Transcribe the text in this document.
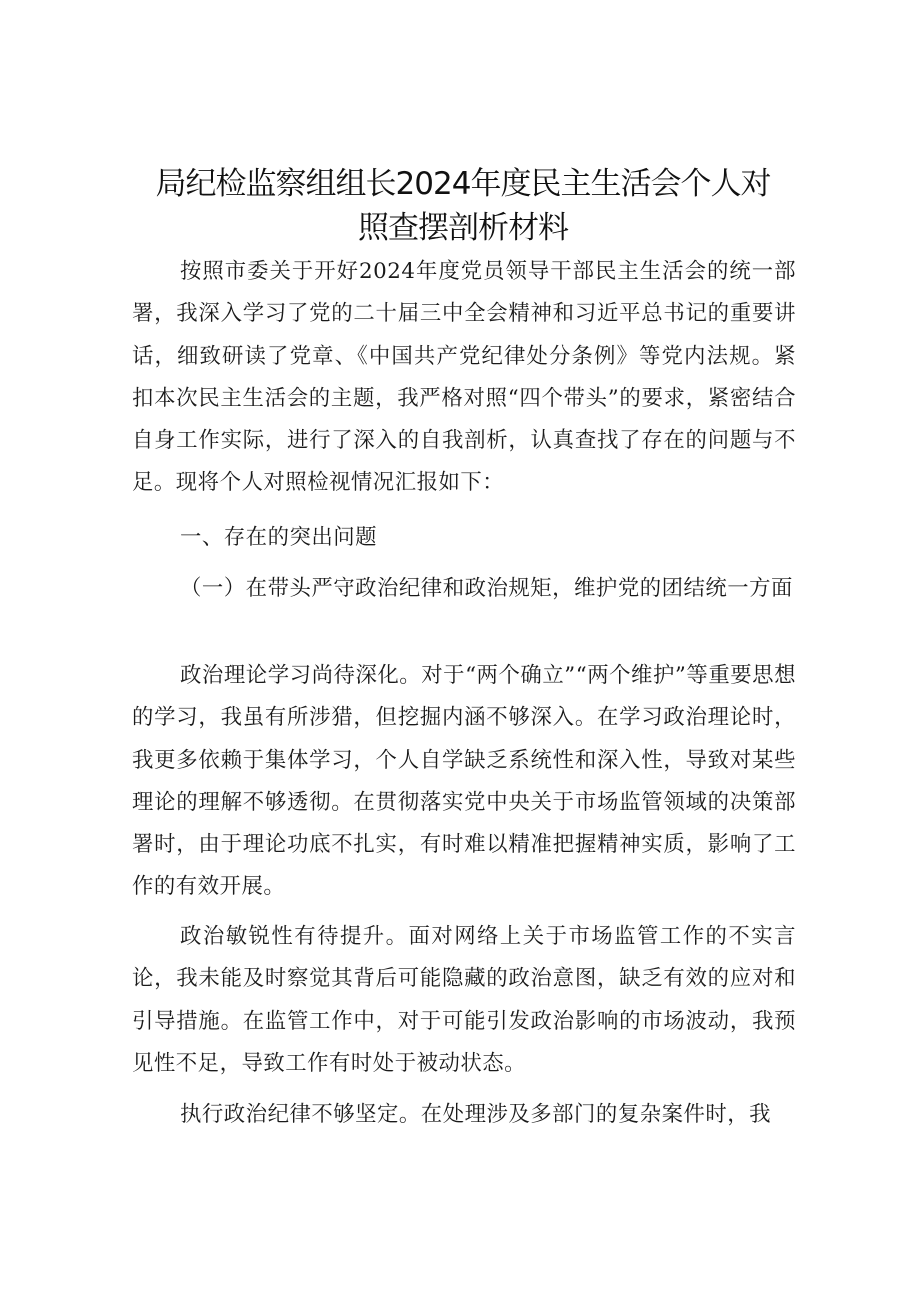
局纪检监察组组长2024年度民主生活会个人对
照查摆剖析材料

按照市委关于开好2024年度党员领导干部民主生活会的统一部署，我深入学习了党的二十届三中全会精神和习近平总书记的重要讲话，细致研读了党章、《中国共产党纪律处分条例》等党内法规。紧扣本次民主生活会的主题，我严格对照“四个带头”的要求，紧密结合自身工作实际，进行了深入的自我剖析，认真查找了存在的问题与不足。现将个人对照检视情况汇报如下：

一、存在的突出问题

（一）在带头严守政治纪律和政治规矩，维护党的团结统一方面

政治理论学习尚待深化。对于“两个确立”“两个维护”等重要思想的学习，我虽有所涉猎，但挖掘内涵不够深入。在学习政治理论时，我更多依赖于集体学习，个人自学缺乏系统性和深入性，导致对某些理论的理解不够透彻。在贯彻落实党中央关于市场监管领域的决策部署时，由于理论功底不扎实，有时难以精准把握精神实质，影响了工作的有效开展。

政治敏锐性有待提升。面对网络上关于市场监管工作的不实言论，我未能及时察觉其背后可能隐藏的政治意图，缺乏有效的应对和引导措施。在监管工作中，对于可能引发政治影响的市场波动，我预见性不足，导致工作有时处于被动状态。

执行政治纪律不够坚定。在处理涉及多部门的复杂案件时，我
